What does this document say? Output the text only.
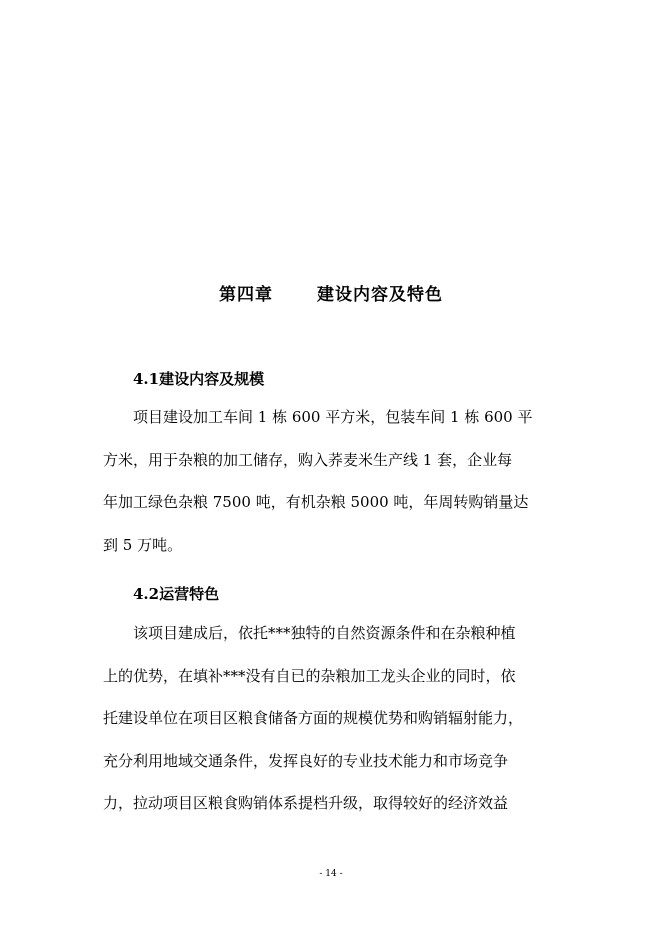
第四章	建设内容及特色
4.1建设内容及规模

项目建设加工车间 1 栋 600 平方米，包装车间 1 栋 600 平
方米，用于杂粮的加工储存，购入荞麦米生产线 1 套，企业每
年加工绿色杂粮 7500 吨，有机杂粮 5000 吨，年周转购销量达
到 5 万吨。

4.2运营特色

该项目建成后，依托***独特的自然资源条件和在杂粮种植
上的优势，在填补***没有自已的杂粮加工龙头企业的同时，依
托建设单位在项目区粮食储备方面的规模优势和购销辐射能力，
充分利用地域交通条件，发挥良好的专业技术能力和市场竞争
力，拉动项目区粮食购销体系提档升级，取得较好的经济效益

- 14 -
